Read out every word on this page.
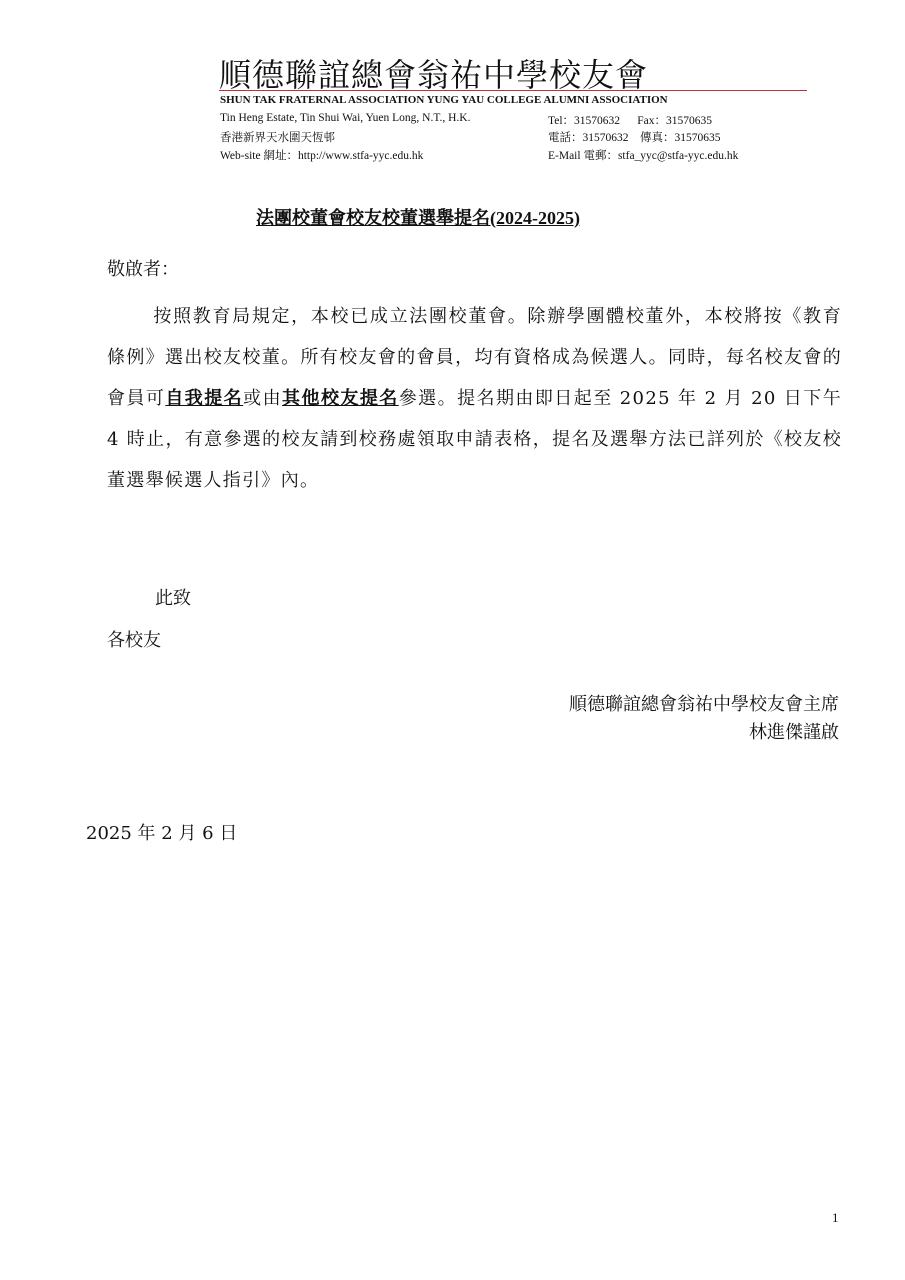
順德聯誼總會翁祐中學校友會
SHUN TAK FRATERNAL ASSOCIATION YUNG YAU COLLEGE ALUMNI ASSOCIATION
Tin Heng Estate, Tin Shui Wai, Yuen Long, N.T., H.K.
香港新界天水圍天恆邨
Web-site 網址：http://www.stfa-yyc.edu.hk
Tel：31570632      Fax：31570635
電話：31570632    傳真：31570635
E-Mail 電郵：stfa_yyc@stfa-yyc.edu.hk
法團校董會校友校董選舉提名(2024-2025)
敬啟者：
按照教育局規定，本校已成立法團校董會。除辦學團體校董外，本校將按《教育條例》選出校友校董。所有校友會的會員，均有資格成為候選人。同時，每名校友會的會員可自我提名或由其他校友提名參選。提名期由即日起至 2025 年 2 月 20 日下午 4 時止，有意參選的校友請到校務處領取申請表格，提名及選舉方法已詳列於《校友校董選舉候選人指引》內。
此致
各校友
順德聯誼總會翁祐中學校友會主席
林進傑謹啟
2025 年 2 月 6 日
1
